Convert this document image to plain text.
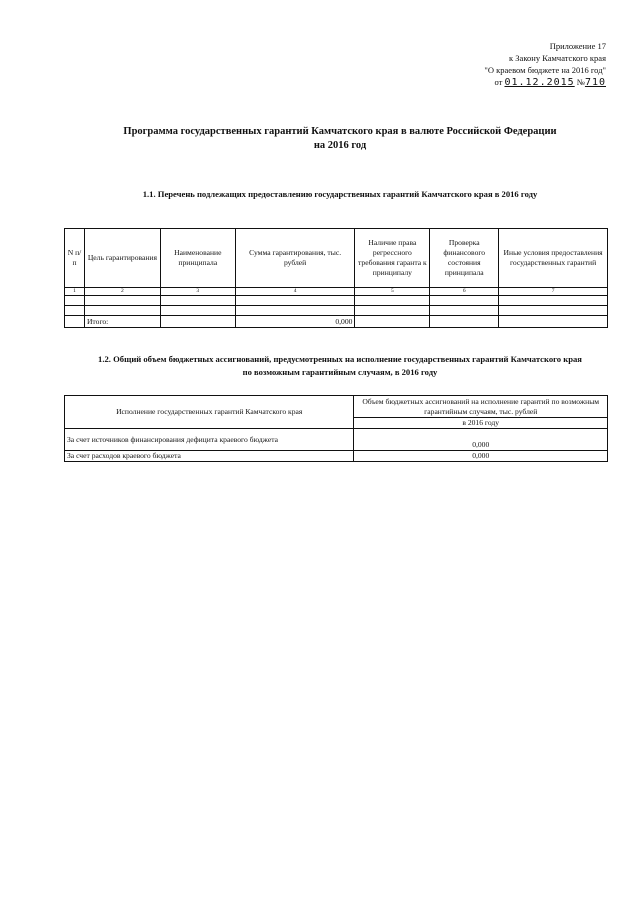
Приложение 17
к Закону Камчатского края
"О краевом бюджете на 2016 год"
от 01.12.2015 №710
Программа государственных гарантий Камчатского края в валюте Российской Федерации
на 2016 год
1.1. Перечень подлежащих предоставлению государственных гарантий Камчатского края в 2016 году
N п/п	Цель гарантирования	Наименование принципала	Сумма гарантирования, тыс. рублей	Наличие права регрессного требования гаранта к принципалу	Проверка финансового состояния принципала	Иные условия предоставления государственных гарантий
1	2	3	4	5	6	7

	Итого:		0,000			
1.2. Общий объем бюджетных ассигнований, предусмотренных на исполнение государственных гарантий Камчатского края
по возможным гарантийным случаям, в 2016 году
Исполнение государственных гарантий Камчатского края	Объем бюджетных ассигнований на исполнение гарантий по возможным гарантийным случаям, тыс. рублей
	в 2016 году
За счет источников финансирования дефицита краевого бюджета	0,000
За счет расходов краевого бюджета	0,000
